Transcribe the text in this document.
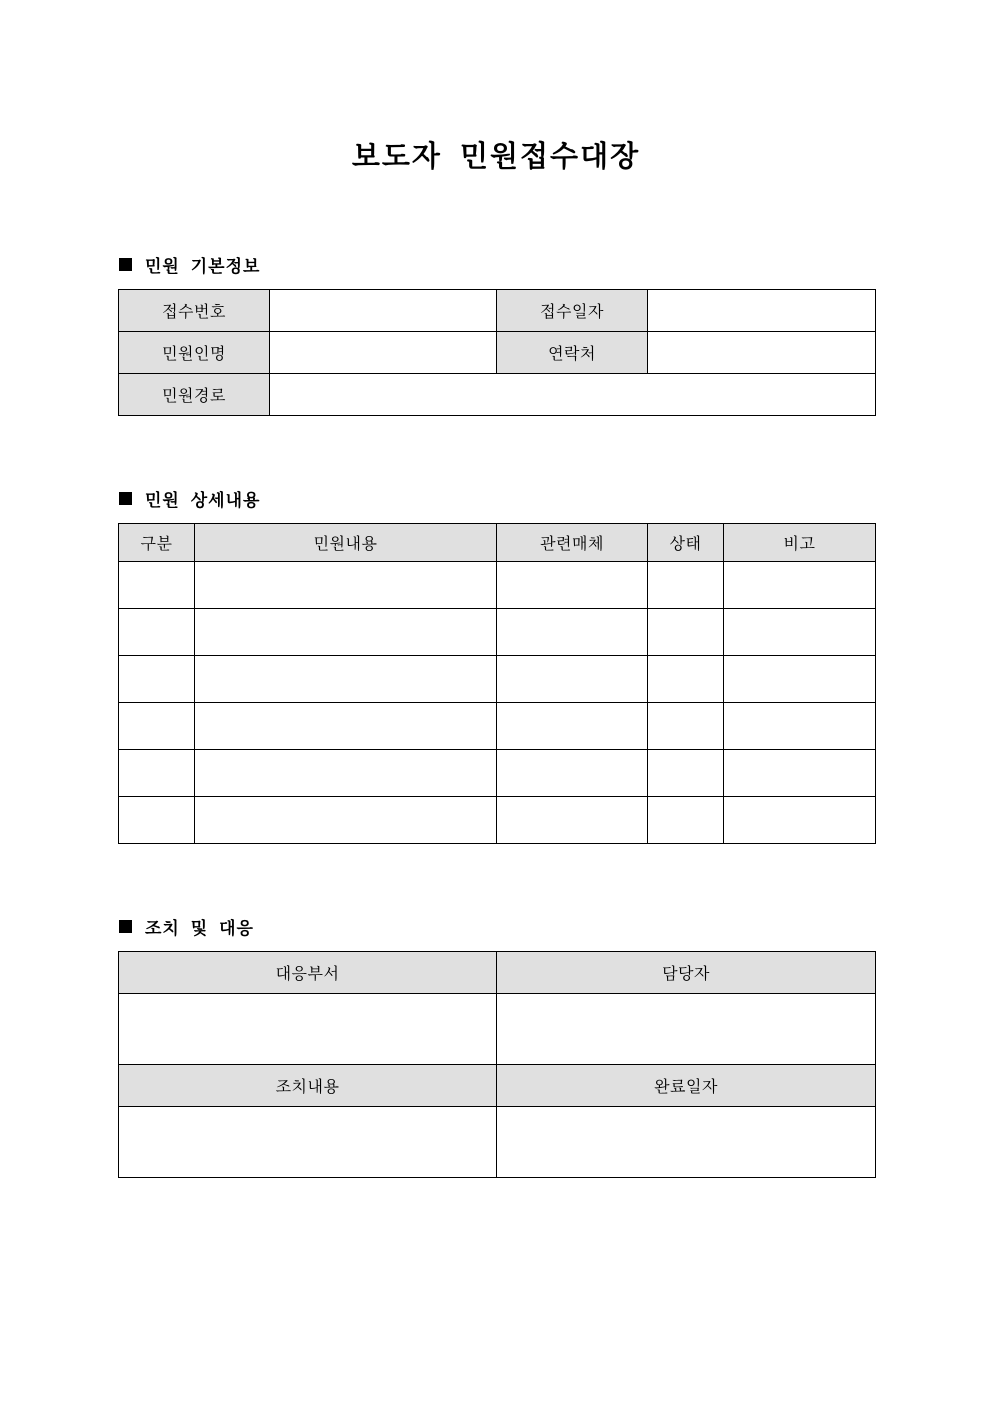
보도자 민원접수대장
민원 기본정보
접수번호		접수일자	
민원인명		연락처	
민원경로			
민원 상세내용
구분	민원내용	관련매체	상태	비고

조치 및 대응
대응부서	담당자

조치내용	완료일자
